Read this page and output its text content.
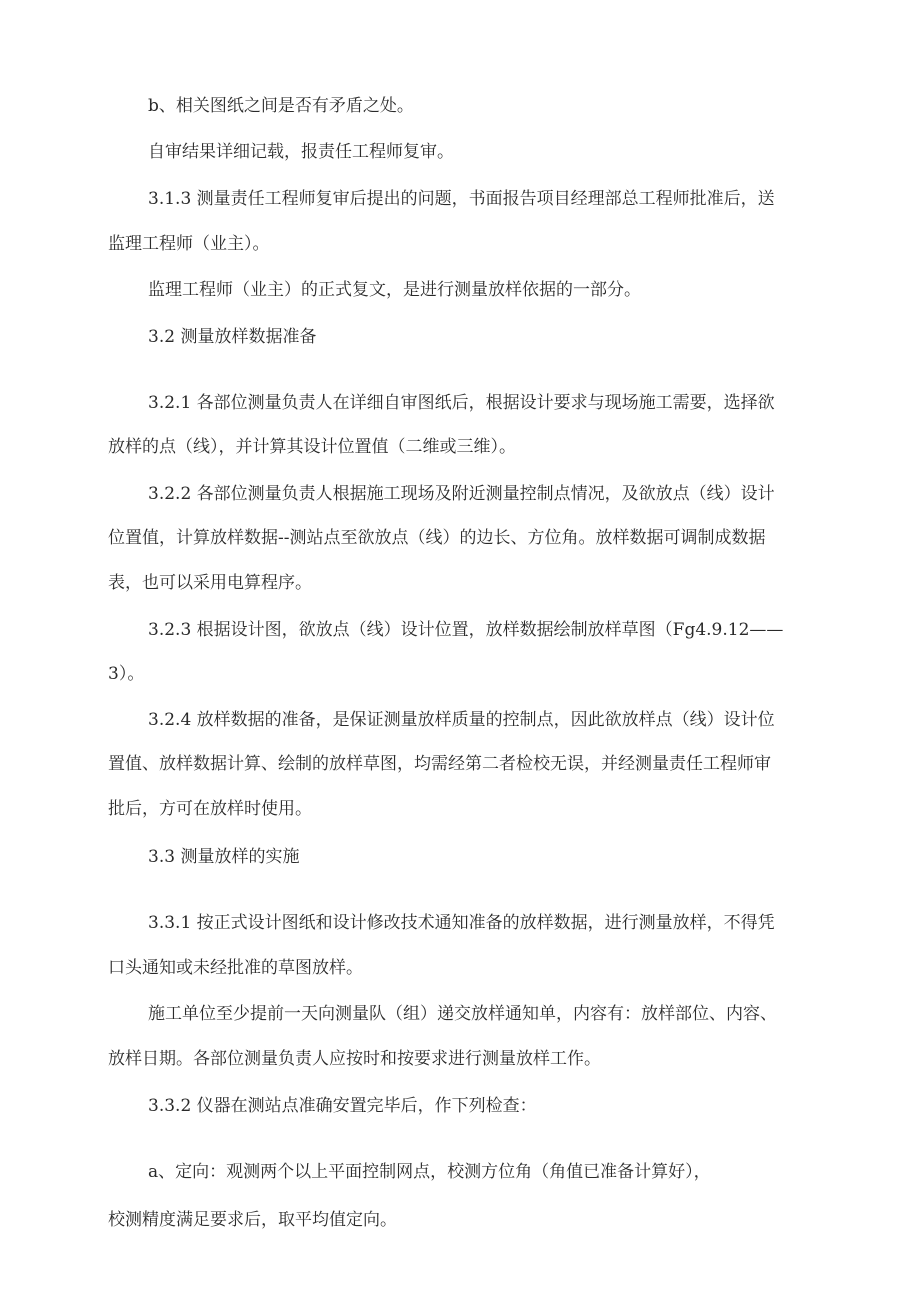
b、相关图纸之间是否有矛盾之处。
自审结果详细记载，报责任工程师复审。
3.1.3 测量责任工程师复审后提出的问题，书面报告项目经理部总工程师批准后，送
监理工程师（业主）。
监理工程师（业主）的正式复文，是进行测量放样依据的一部分。
3.2 测量放样数据准备
3.2.1 各部位测量负责人在详细自审图纸后，根据设计要求与现场施工需要，选择欲
放样的点（线），并计算其设计位置值（二维或三维）。
3.2.2 各部位测量负责人根据施工现场及附近测量控制点情况，及欲放点（线）设计
位置值，计算放样数据--测站点至欲放点（线）的边长、方位角。放样数据可调制成数据
表，也可以采用电算程序。
3.2.3 根据设计图，欲放点（线）设计位置，放样数据绘制放样草图（Fg4.9.12——
3）。
3.2.4 放样数据的准备，是保证测量放样质量的控制点，因此欲放样点（线）设计位
置值、放样数据计算、绘制的放样草图，均需经第二者检校无误，并经测量责任工程师审
批后，方可在放样时使用。
3.3 测量放样的实施
3.3.1 按正式设计图纸和设计修改技术通知准备的放样数据，进行测量放样，不得凭
口头通知或未经批准的草图放样。
施工单位至少提前一天向测量队（组）递交放样通知单，内容有：放样部位、内容、
放样日期。各部位测量负责人应按时和按要求进行测量放样工作。
3.3.2 仪器在测站点准确安置完毕后，作下列检查：
a、定向：观测两个以上平面控制网点，校测方位角（角值已准备计算好），
校测精度满足要求后，取平均值定向。
